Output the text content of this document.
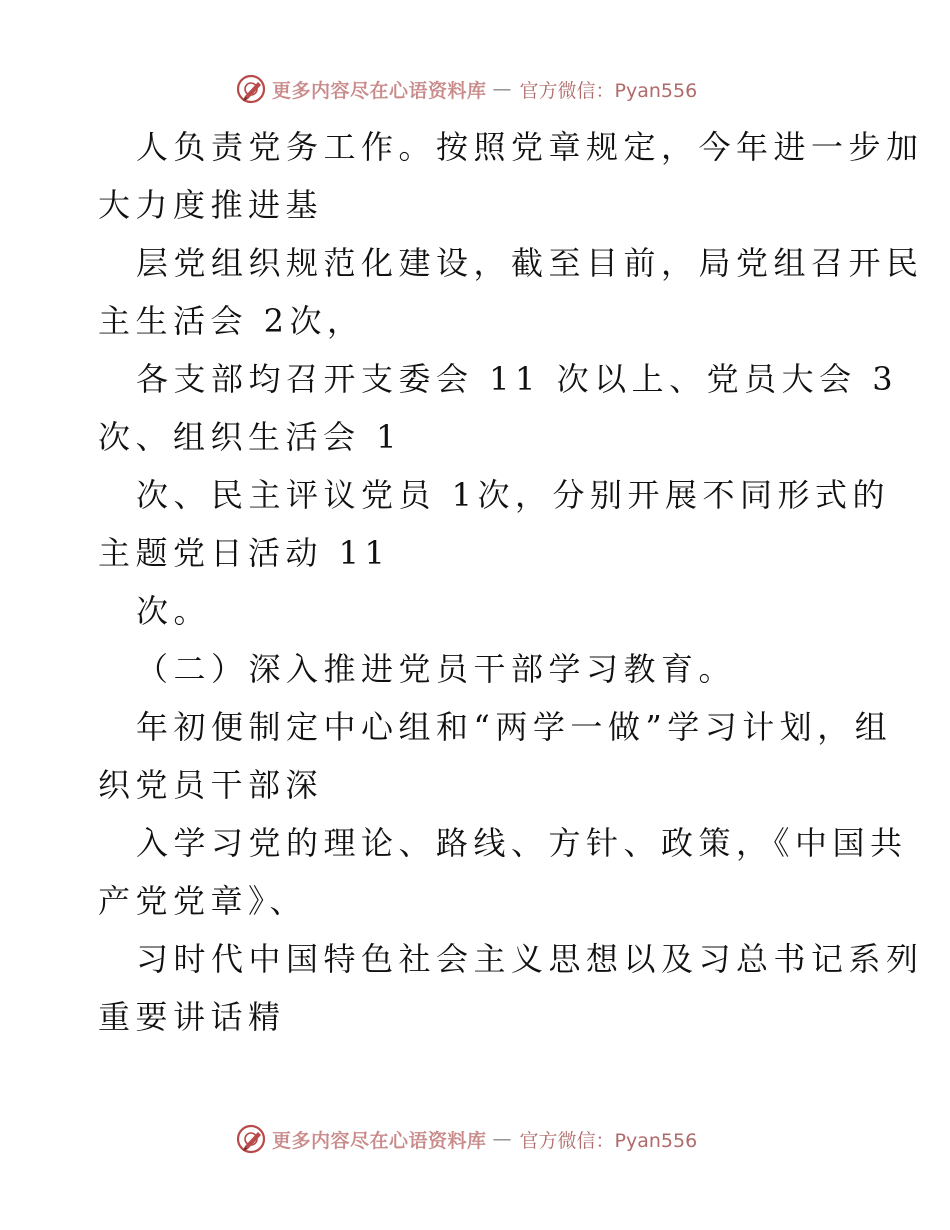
更多内容尽在心语资料库 — 官方微信：Pyan556
人负责党务工作。按照党章规定，今年进一步加
大力度推进基
层党组织规范化建设，截至目前，局党组召开民
主生活会 2次，
各支部均召开支委会 11 次以上、党员大会 3
次、组织生活会 1
次、民主评议党员 1次，分别开展不同形式的
主题党日活动 11
次。
（二）深入推进党员干部学习教育。
年初便制定中心组和“两学一做”学习计划，组
织党员干部深
入学习党的理论、路线、方针、政策，《中国共
产党党章》、
习时代中国特色社会主义思想以及习总书记系列
重要讲话精
更多内容尽在心语资料库 — 官方微信：Pyan556
